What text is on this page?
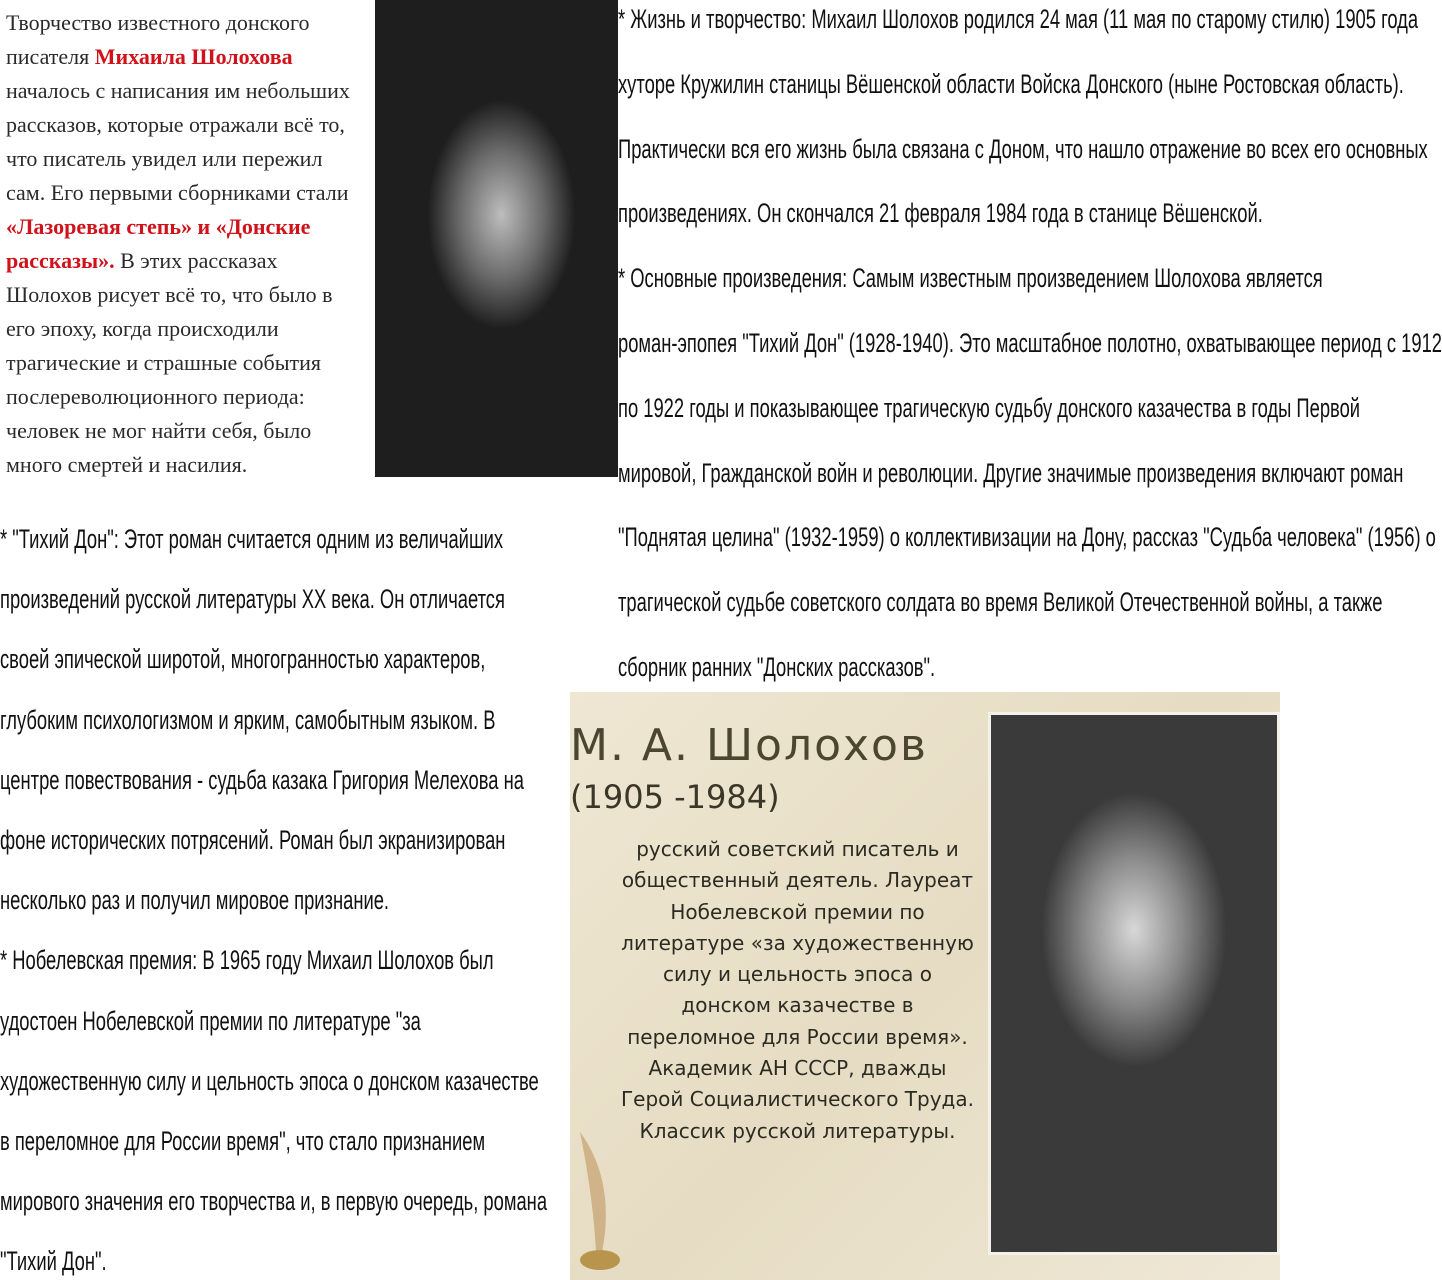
Творчество известного донского
писателя Михаила Шолохова
началось с написания им небольших
рассказов, которые отражали всё то,
что писатель увидел или пережил
сам. Его первыми сборниками стали
«Лазоревая степь» и «Донские
рассказы». В этих рассказах
Шолохов рисует всё то, что было в
его эпоху, когда происходили
трагические и страшные события
послереволюционного периода:
человек не мог найти себя, было
много смертей и насилия.
* Жизнь и творчество: Михаил Шолохов родился 24 мая (11 мая по старому стилю) 1905 года
хуторе Кружилин станицы Вёшенской области Войска Донского (ныне Ростовская область).
Практически вся его жизнь была связана с Доном, что нашло отражение во всех его основных
произведениях. Он скончался 21 февраля 1984 года в станице Вёшенской.
* Основные произведения: Самым известным произведением Шолохова является
роман-эпопея "Тихий Дон" (1928-1940). Это масштабное полотно, охватывающее период с 1912
по 1922 годы и показывающее трагическую судьбу донского казачества в годы Первой
мировой, Гражданской войн и революции. Другие значимые произведения включают роман
"Поднятая целина" (1932-1959) о коллективизации на Дону, рассказ "Судьба человека" (1956) о
трагической судьбе советского солдата во время Великой Отечественной войны, а также
сборник ранних "Донских рассказов".
* "Тихий Дон": Этот роман считается одним из величайших
произведений русской литературы XX века. Он отличается
своей эпической широтой, многогранностью характеров,
глубоким психологизмом и ярким, самобытным языком. В
центре повествования - судьба казака Григория Мелехова на
фоне исторических потрясений. Роман был экранизирован
несколько раз и получил мировое признание.
* Нобелевская премия: В 1965 году Михаил Шолохов был
удостоен Нобелевской премии по литературе "за
художественную силу и цельность эпоса о донском казачестве
в переломное для России время", что стало признанием
мирового значения его творчества и, в первую очередь, романа
"Тихий Дон".
М. А. Шолохов
(1905 -1984)
русский советский писатель и
общественный деятель. Лауреат
Нобелевской премии по
литературе «за художественную
силу и цельность эпоса о
донском казачестве в
переломное для России время».
Академик АН СССР, дважды
Герой Социалистического Труда.
Классик русской литературы.
